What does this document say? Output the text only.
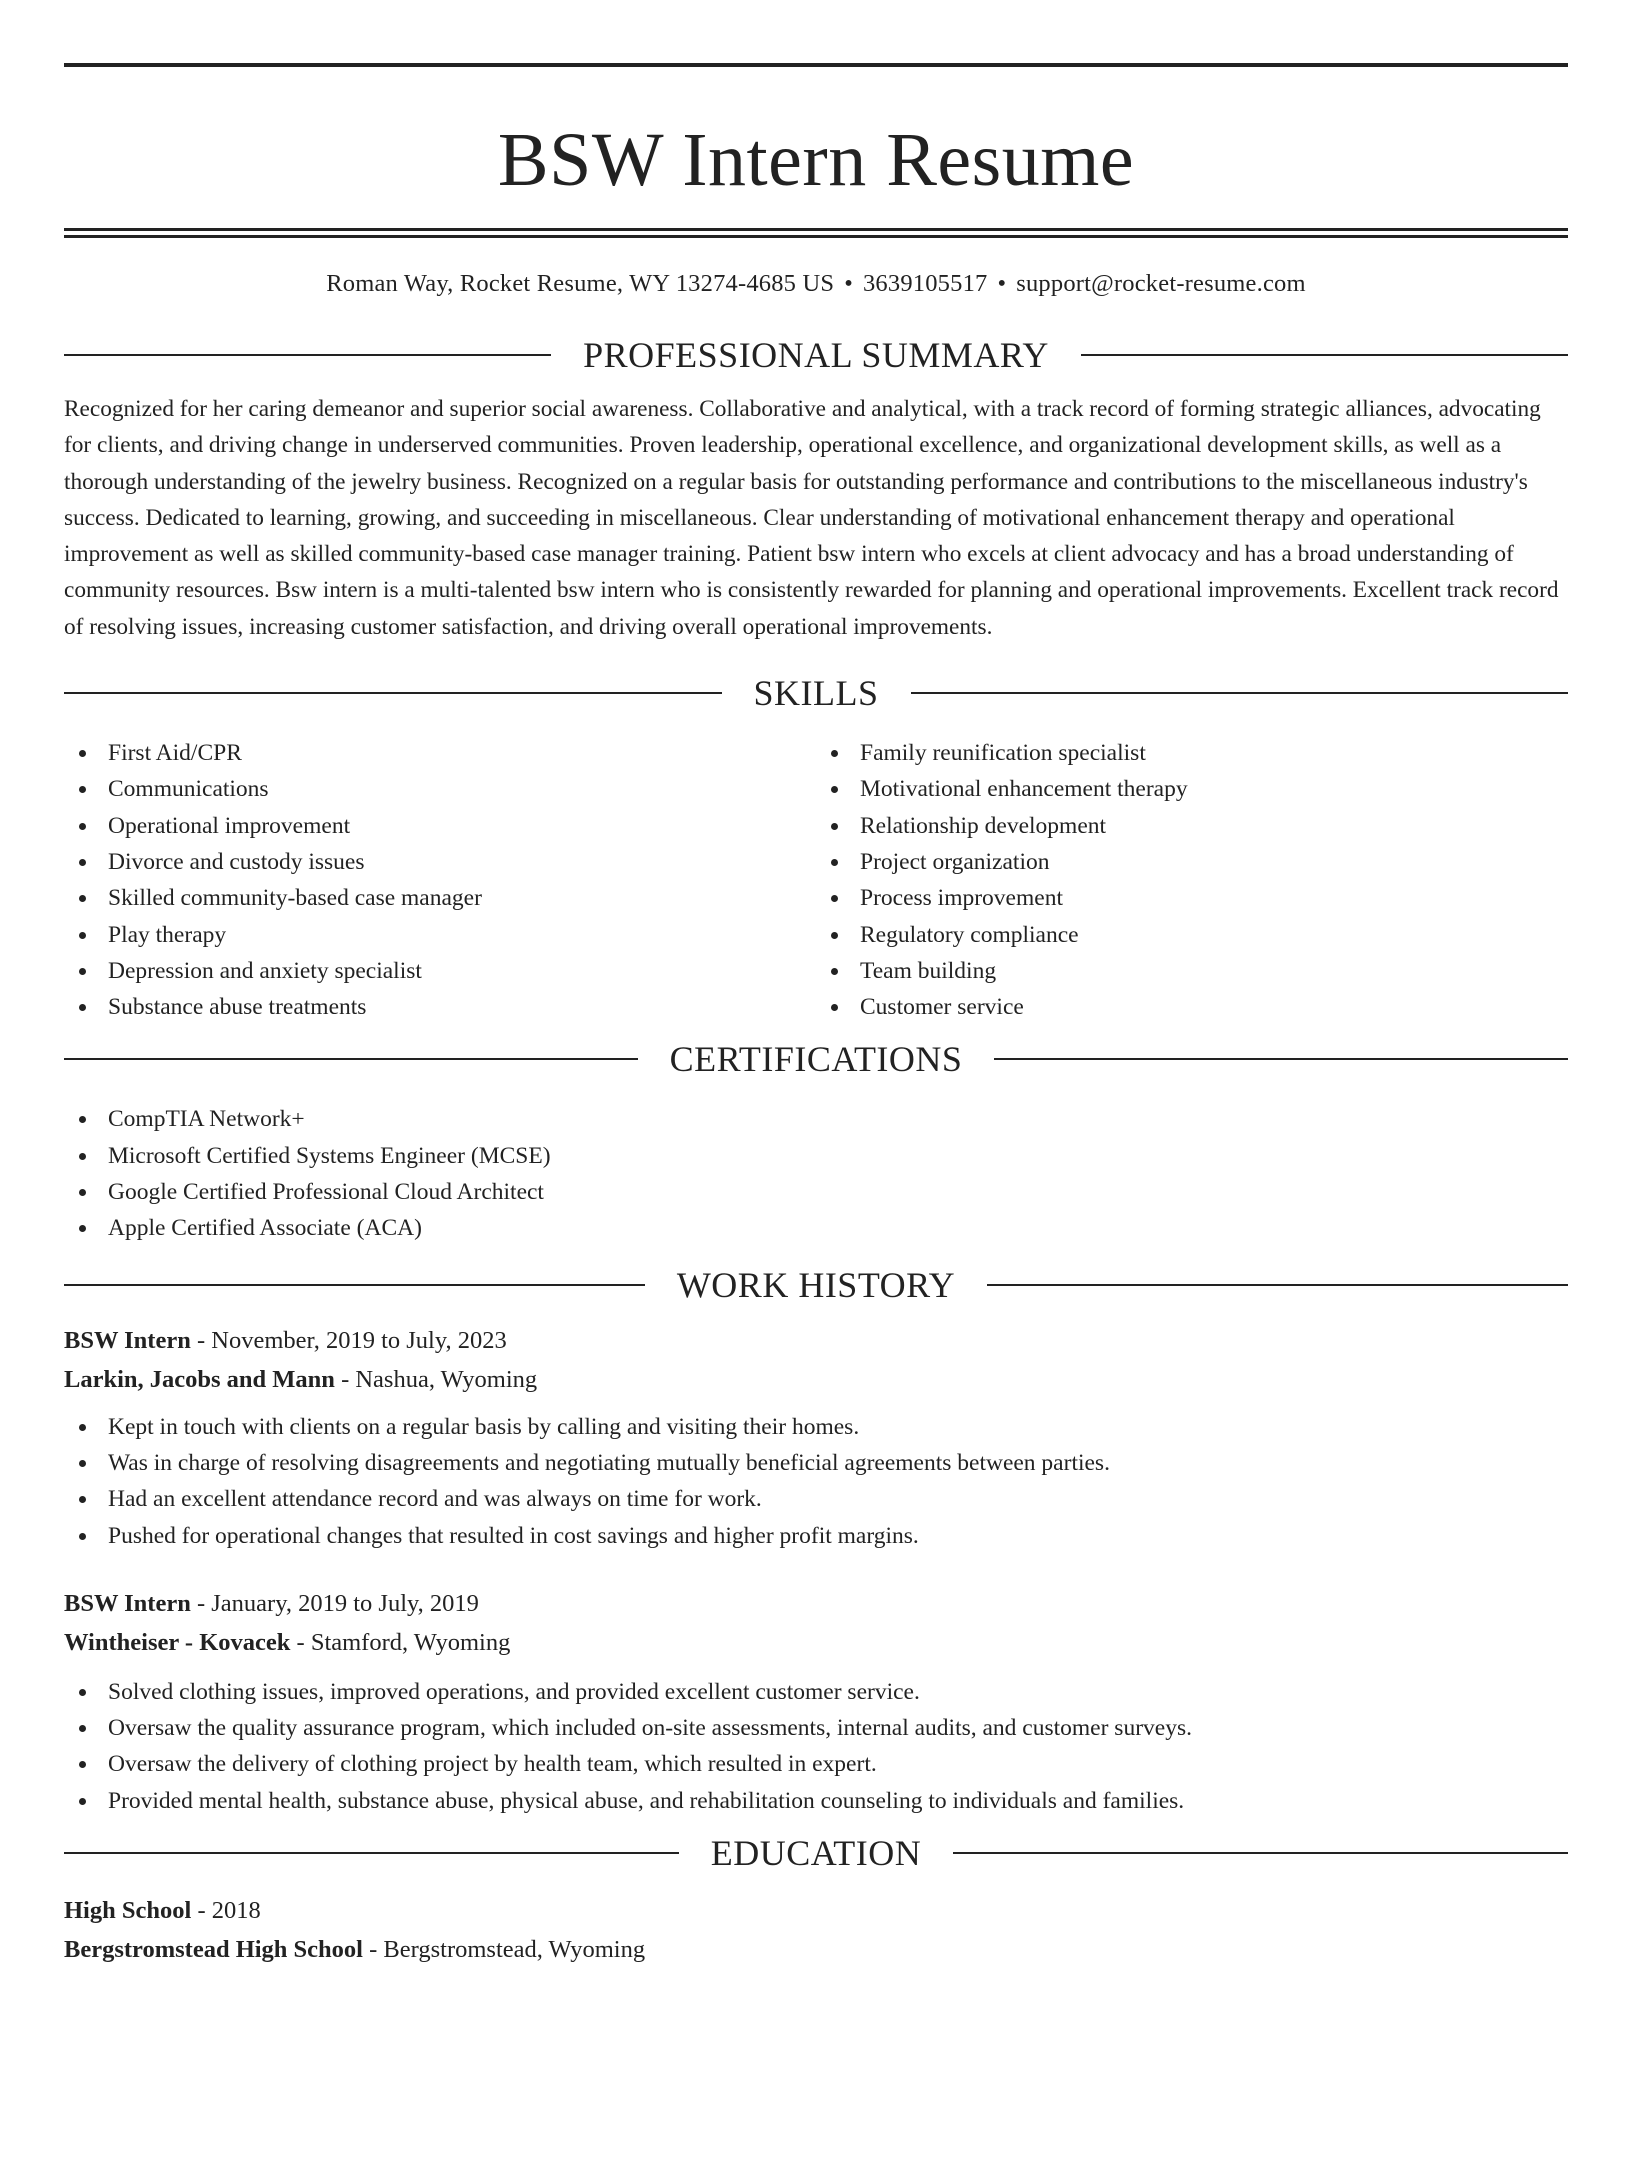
BSW Intern Resume
Roman Way, Rocket Resume, WY 13274-4685 US • 3639105517 • support@rocket-resume.com
PROFESSIONAL SUMMARY

Recognized for her caring demeanor and superior social awareness. Collaborative and analytical, with a track record of forming strategic alliances, advocating for clients, and driving change in underserved communities. Proven leadership, operational excellence, and organizational development skills, as well as a thorough understanding of the jewelry business. Recognized on a regular basis for outstanding performance and contributions to the miscellaneous industry's success. Dedicated to learning, growing, and succeeding in miscellaneous. Clear understanding of motivational enhancement therapy and operational improvement as well as skilled community-based case manager training. Patient bsw intern who excels at client advocacy and has a broad understanding of community resources. Bsw intern is a multi-talented bsw intern who is consistently rewarded for planning and operational improvements. Excellent track record of resolving issues, increasing customer satisfaction, and driving overall operational improvements.

SKILLS
First Aid/CPR
Communications
Operational improvement
Divorce and custody issues
Skilled community-based case manager
Play therapy
Depression and anxiety specialist
Substance abuse treatments
Family reunification specialist
Motivational enhancement therapy
Relationship development
Project organization
Process improvement
Regulatory compliance
Team building
Customer service
CERTIFICATIONS
CompTIA Network+
Microsoft Certified Systems Engineer (MCSE)
Google Certified Professional Cloud Architect
Apple Certified Associate (ACA)
WORK HISTORY

BSW Intern - November, 2019 to July, 2023

Larkin, Jacobs and Mann - Nashua, Wyoming

Kept in touch with clients on a regular basis by calling and visiting their homes.
Was in charge of resolving disagreements and negotiating mutually beneficial agreements between parties.
Had an excellent attendance record and was always on time for work.
Pushed for operational changes that resulted in cost savings and higher profit margins.

BSW Intern - January, 2019 to July, 2019

Wintheiser - Kovacek - Stamford, Wyoming

Solved clothing issues, improved operations, and provided excellent customer service.
Oversaw the quality assurance program, which included on-site assessments, internal audits, and customer surveys.
Oversaw the delivery of clothing project by health team, which resulted in expert.
Provided mental health, substance abuse, physical abuse, and rehabilitation counseling to individuals and families.
EDUCATION

High School - 2018

Bergstromstead High School - Bergstromstead, Wyoming
